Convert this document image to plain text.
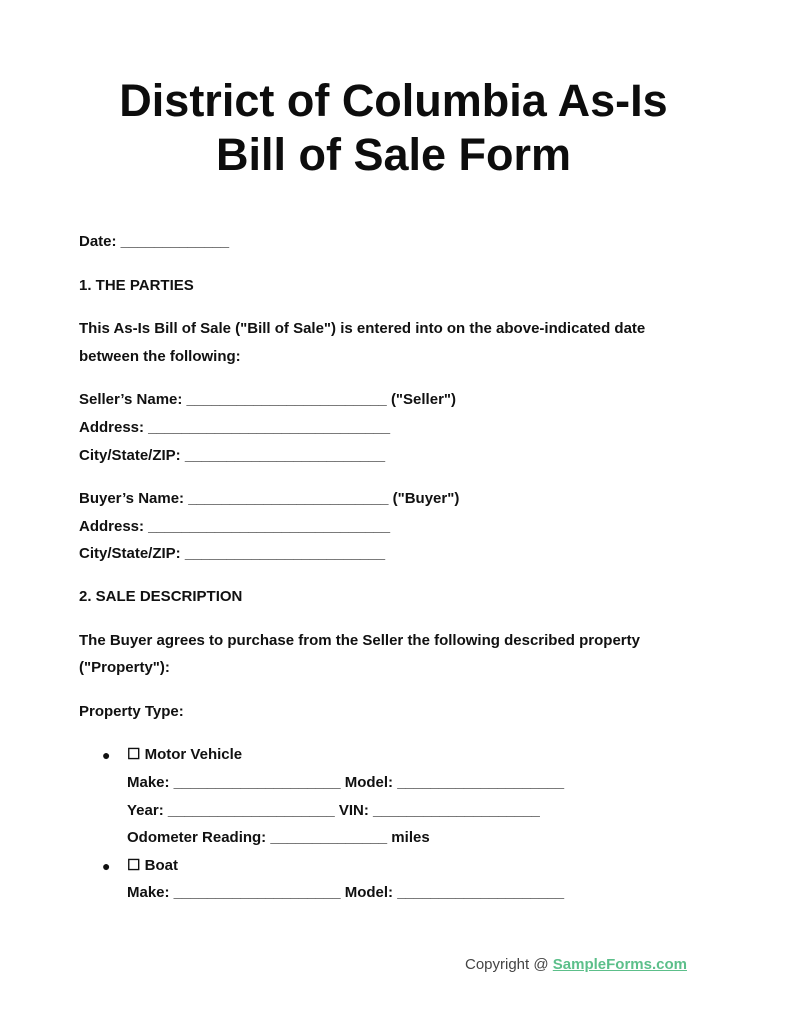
District of Columbia As-Is
Bill of Sale Form
Date: _____________
1. THE PARTIES
This As-Is Bill of Sale ("Bill of Sale") is entered into on the above-indicated date
between the following:
Seller’s Name: ________________________ ("Seller")
Address: _____________________________
City/State/ZIP: ________________________
Buyer’s Name: ________________________ ("Buyer")
Address: _____________________________
City/State/ZIP: ________________________
2. SALE DESCRIPTION
The Buyer agrees to purchase from the Seller the following described property
("Property"):
Property Type:
● ☐ Motor Vehicle
Make: ____________________ Model: ____________________
Year: ____________________ VIN: ____________________
Odometer Reading: ______________ miles
● ☐ Boat
Make: ____________________ Model: ____________________
Copyright @ SampleForms.com
